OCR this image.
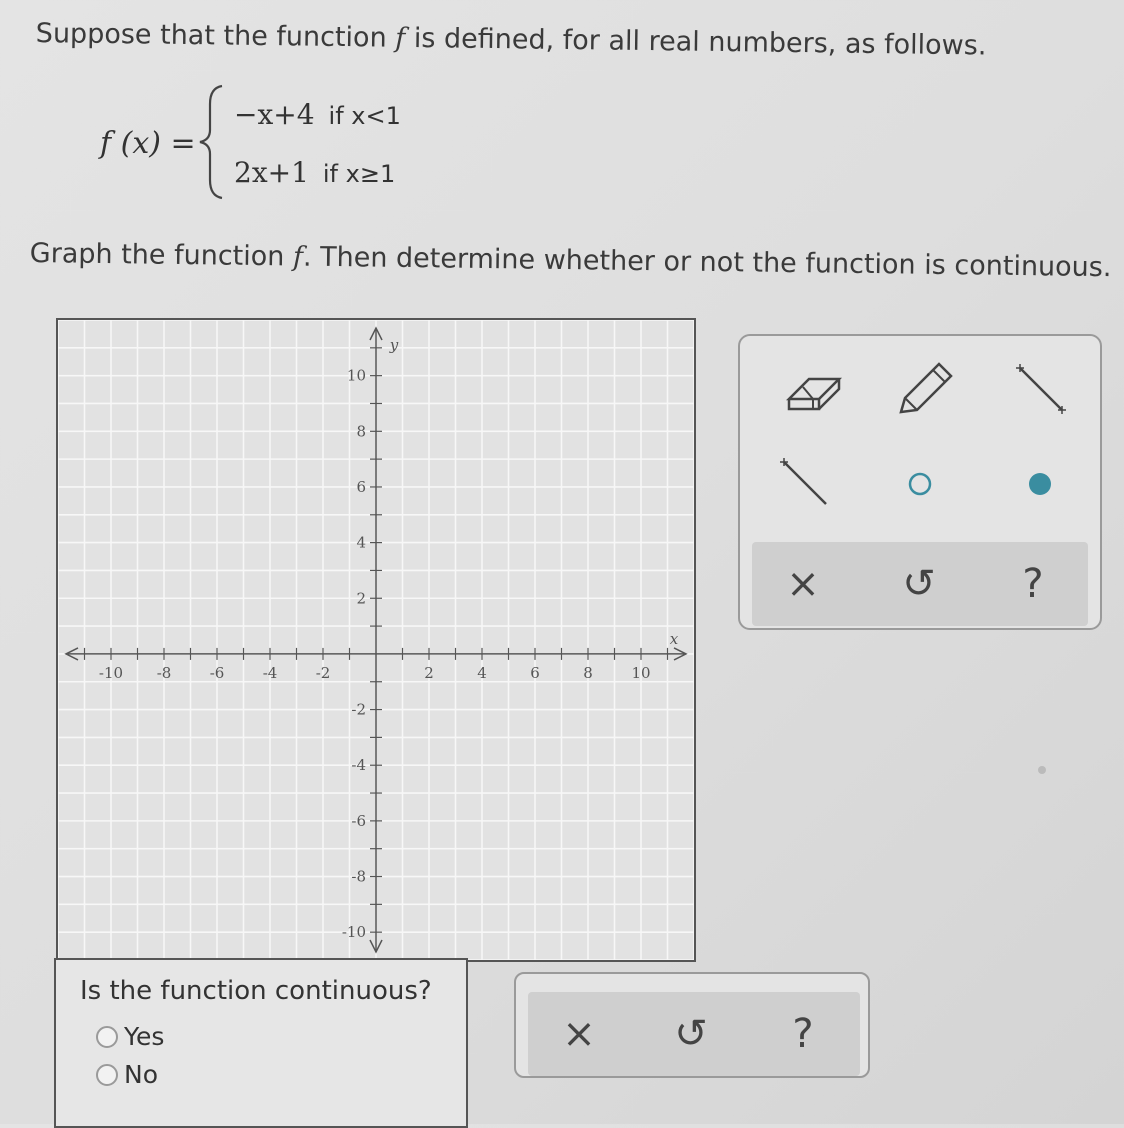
Suppose that the function f is defined, for all real numbers, as follows.
f (x) =
−x+4 if x<1
2x+1 if x≥1
Graph the function f. Then determine whether or not the function is continuous.
-10 -8	-6	-4	-2	2	4	6	8	10
10
8
6
4
2
-2
-4
-6
-8
-10
x
y
×	↺	?
Is the function continuous?
Yes
No
×	↺	?
